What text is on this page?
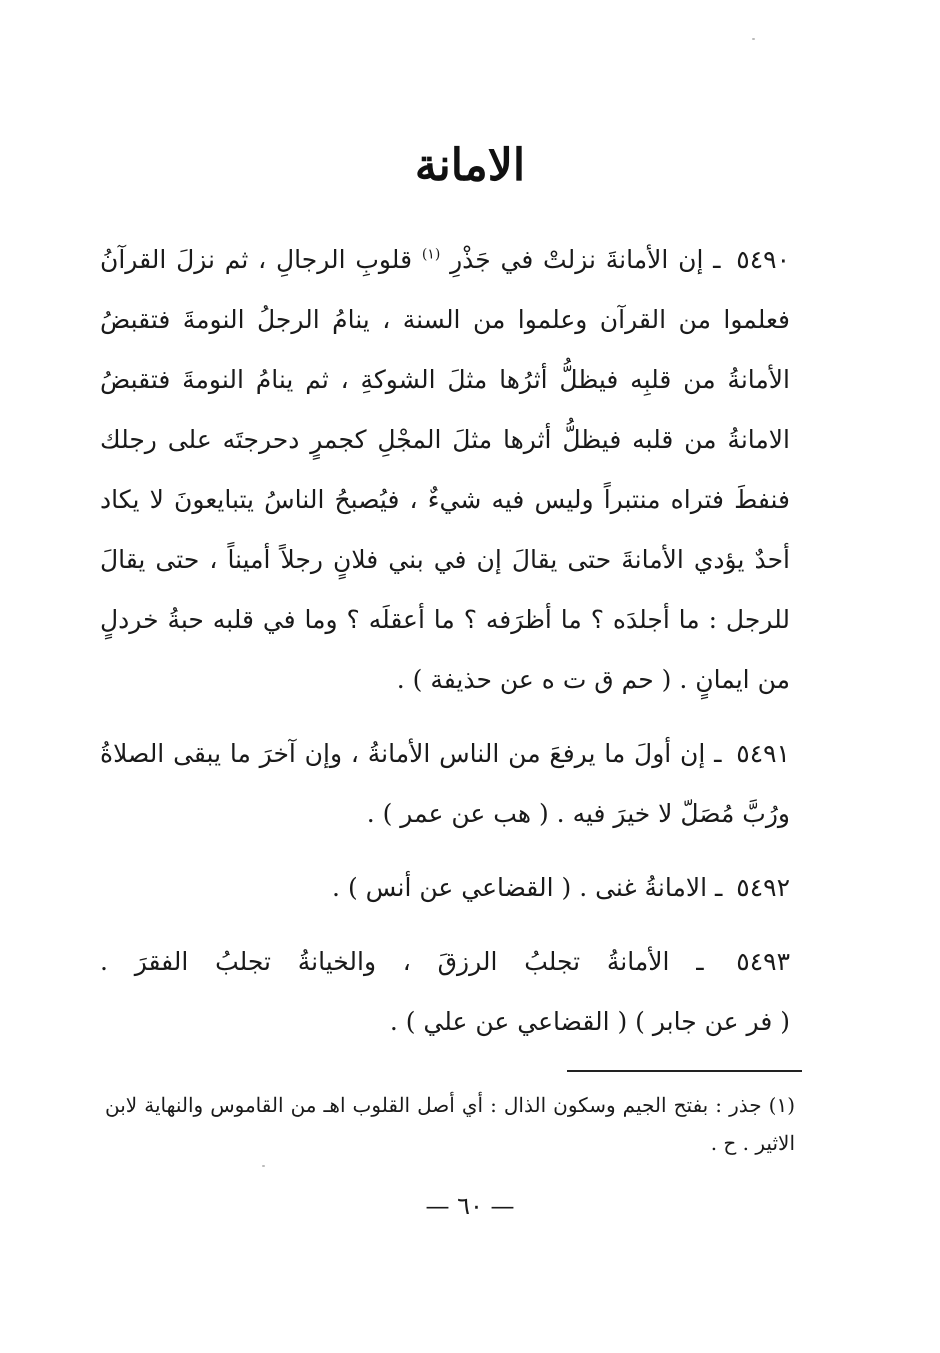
الامانة

٥٤٩٠ ـ إن الأمانةَ نزلتْ في جَذْرِ $^{(١)}$ قلوبِ الرجالِ ، ثم نزلَ القرآنُ فعلموا من القرآن وعلموا من السنة ، ينامُ الرجلُ النومةَ فتقبضُ الأمانةُ من قلبِه فيظلُّ أثرُها مثلَ الشوكةِ ، ثم ينامُ النومةَ فتقبضُ الامانةُ من قلبه فيظلُّ أثرها مثلَ المجْلِ كجمرٍ دحرجتَه على رجلك فنفطَ فتراه منتبراً وليس فيه شيءٌ ، فيُصبحُ الناسُ يتبايعونَ لا يكاد أحدٌ يؤدي الأمانةَ حتى يقالَ إن في بني فلانٍ رجلاً أميناً ، حتى يقالَ للرجل : ما أجلدَه ؟ ما أظرَفه ؟ ما أعقلَه ؟ وما في قلبه حبةُ خردلٍ من ايمانٍ . ( حم ق ت ه عن حذيفة ) .

٥٤٩١ ـ إن أولَ ما يرفعَ من الناس الأمانةُ ، وإن آخرَ ما يبقى الصلاةُ ورُبَّ مُصَلّ لا خيرَ فيه . ( هب عن عمر ) .

٥٤٩٢ ـ الامانةُ غنى . ( القضاعي عن أنس ) .

٥٤٩٣ ـ الأمانةُ تجلبُ الرزقَ ، والخيانةُ تجلبُ الفقرَ . ( فر عن جابر ) ( القضاعي عن علي ) .

(١) جذر : بفتح الجيم وسكون الذال : أي أصل القلوب اهـ من القاموس والنهاية لابن الاثير . ح .
— ٦٠ —
